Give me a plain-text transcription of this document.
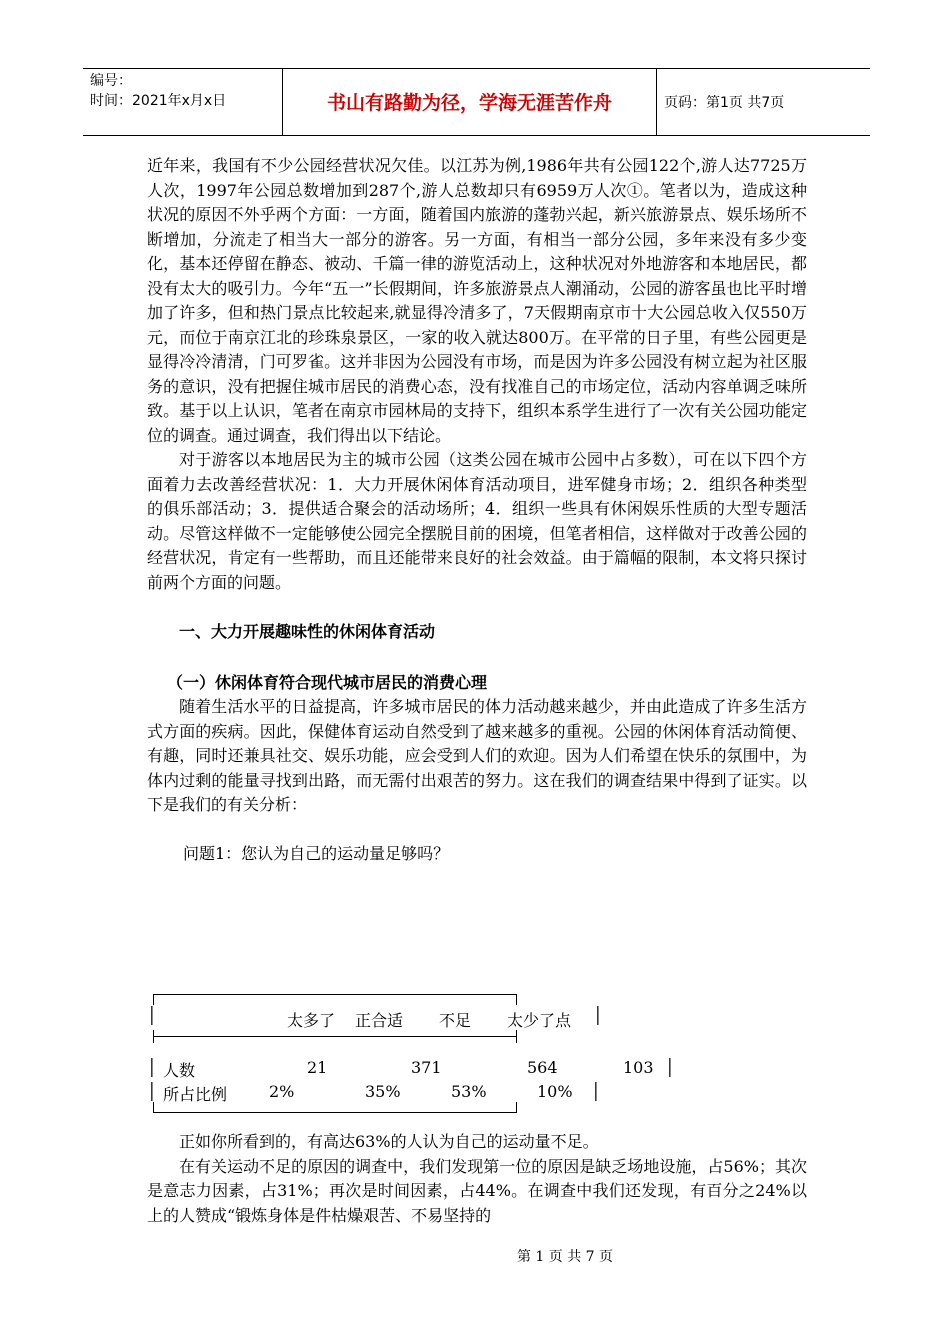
编号：
时间：2021年x月x日	书山有路勤为径，学海无涯苦作舟	页码：第1页 共7页

近年来，我国有不少公园经营状况欠佳。以江苏为例,1986年共有公园122个,游人达7725万人次，1997年公园总数增加到287个,游人总数却只有6959万人次①。笔者以为，造成这种状况的原因不外乎两个方面：一方面，随着国内旅游的蓬勃兴起，新兴旅游景点、娱乐场所不断增加，分流走了相当大一部分的游客。另一方面，有相当一部分公园，多年来没有多少变化，基本还停留在静态、被动、千篇一律的游览活动上，这种状况对外地游客和本地居民，都没有太大的吸引力。今年“五一”长假期间，许多旅游景点人潮涌动，公园的游客虽也比平时增加了许多，但和热门景点比较起来,就显得冷清多了，7天假期南京市十大公园总收入仅550万元，而位于南京江北的珍珠泉景区，一家的收入就达800万。在平常的日子里，有些公园更是显得冷冷清清，门可罗雀。这并非因为公园没有市场，而是因为许多公园没有树立起为社区服务的意识，没有把握住城市居民的消费心态，没有找准自己的市场定位，活动内容单调乏味所致。基于以上认识，笔者在南京市园林局的支持下，组织本系学生进行了一次有关公园功能定位的调查。通过调查，我们得出以下结论。

对于游客以本地居民为主的城市公园（这类公园在城市公园中占多数），可在以下四个方面着力去改善经营状况：1．大力开展休闲体育活动项目，进军健身市场；2．组织各种类型的俱乐部活动；3．提供适合聚会的活动场所；4．组织一些具有休闲娱乐性质的大型专题活动。尽管这样做不一定能够使公园完全摆脱目前的困境，但笔者相信，这样做对于改善公园的经营状况，肯定有一些帮助，而且还能带来良好的社会效益。由于篇幅的限制，本文将只探讨前两个方面的问题。

一、大力开展趣味性的休闲体育活动

（一）休闲体育符合现代城市居民的消费心理

随着生活水平的日益提高，许多城市居民的体力活动越来越少，并由此造成了许多生活方式方面的疾病。因此，保健体育运动自然受到了越来越多的重视。公园的休闲体育活动简便、有趣，同时还兼具社交、娱乐功能，应会受到人们的欢迎。因为人们希望在快乐的氛围中，为体内过剩的能量寻找到出路，而无需付出艰苦的努力。这在我们的调查结果中得到了证实。以下是我们的有关分析：

问题1：您认为自己的运动量足够吗？

│	太多了 正合适 不足 太少了点 │
│ 人数	21	371	564	103 │
│ 所占比例	2%	35%	53%	10% │

正如你所看到的，有高达63%的人认为自己的运动量不足。

在有关运动不足的原因的调查中，我们发现第一位的原因是缺乏场地设施，占56%；其次是意志力因素，占31%；再次是时间因素，占44%。在调查中我们还发现，有百分之24%以上的人赞成“锻炼身体是件枯燥艰苦、不易坚持的

第 1 页 共 7 页
